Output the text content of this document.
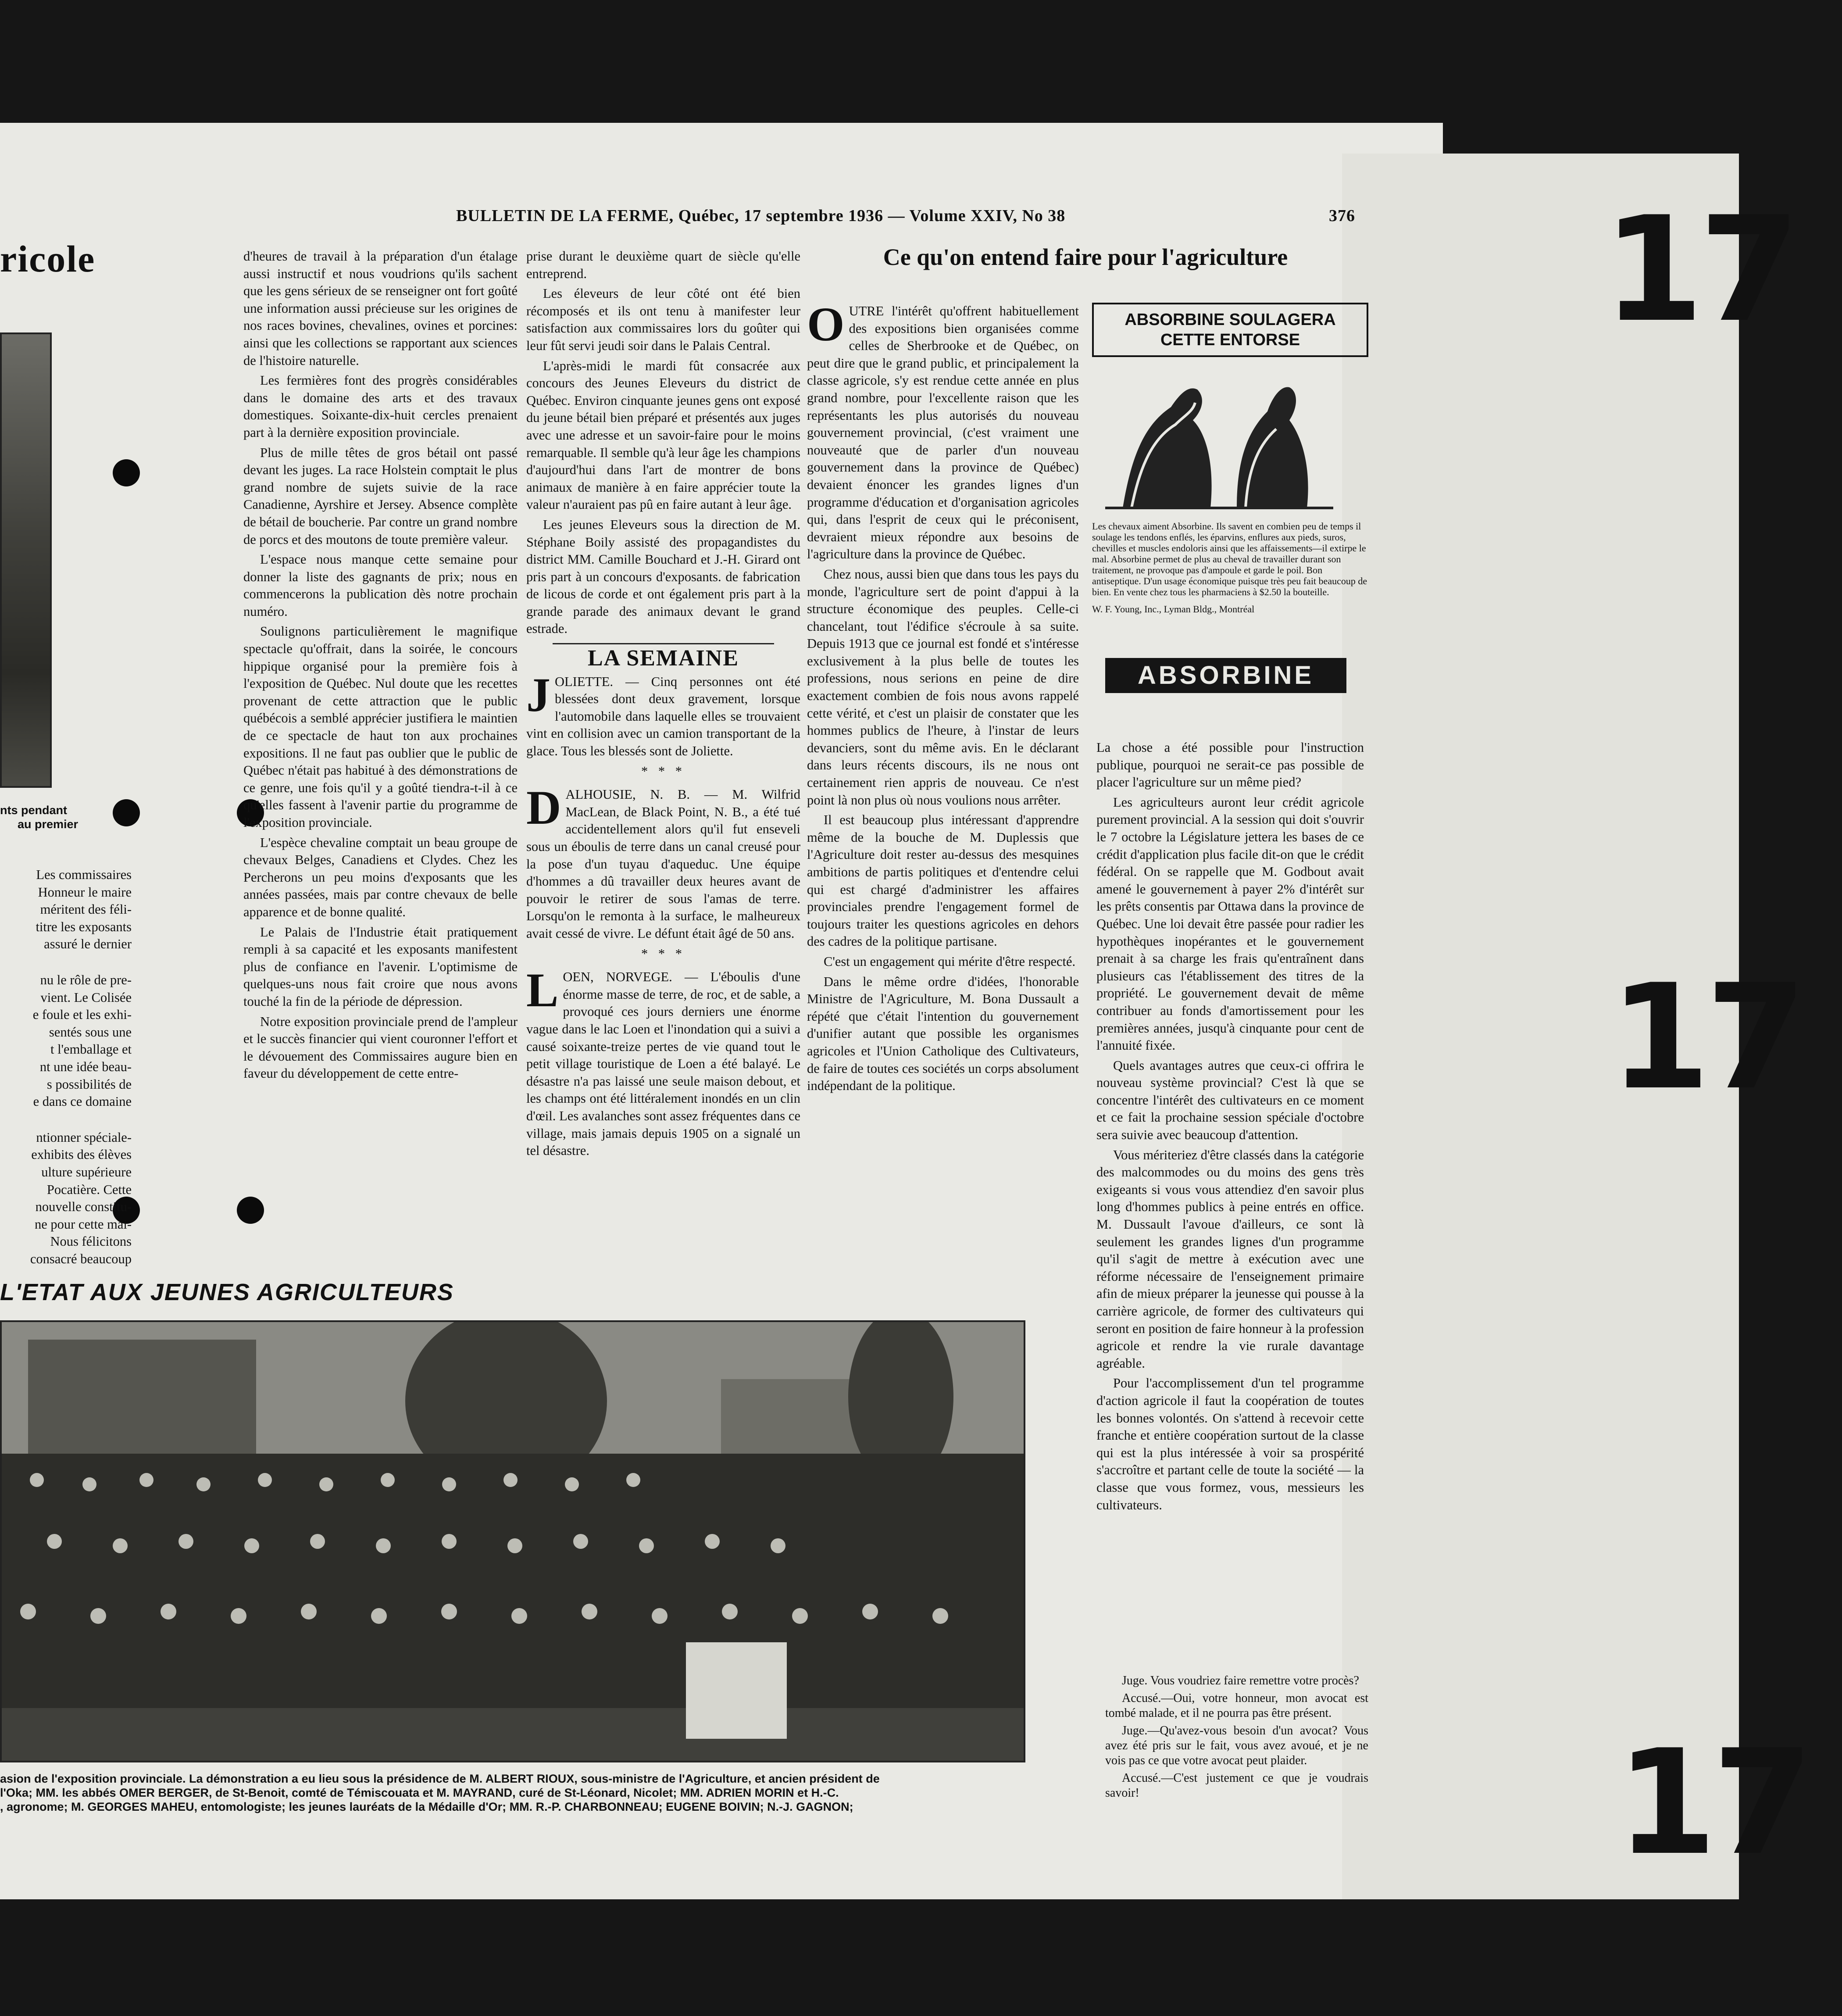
17
17
17
BULLETIN DE LA FERME, Québec, 17 septembre 1936 — Volume XXIV, No 38	376
ricole
nts pendant
au premier
Les commissaires
Honneur le maire
méritent des féli-
titre les exposants
assuré le dernier
nu le rôle de pre-
vient. Le Colisée
e foule et les exhi-
sentés sous une
t l'emballage et
nt une idée beau-
s possibilités de
e dans ce domaine
ntionner spéciale-
exhibits des élèves
ulture supérieure
Pocatière. Cette
nouvelle constitu-
ne pour cette mai-
Nous félicitons
consacré beaucoup

d'heures de travail à la préparation d'un étalage aussi instructif et nous voudrions qu'ils sachent que les gens sérieux de se renseigner ont fort goûté une information aussi précieuse sur les origines de nos races bovines, chevalines, ovines et porcines: ainsi que les collections se rapportant aux sciences de l'histoire naturelle.

Les fermières font des progrès considérables dans le domaine des arts et des travaux domestiques. Soixante-dix-huit cercles prenaient part à la dernière exposition provinciale.

Plus de mille têtes de gros bétail ont passé devant les juges. La race Holstein comptait le plus grand nombre de sujets suivie de la race Canadienne, Ayrshire et Jersey. Absence complète de bétail de boucherie. Par contre un grand nombre de porcs et des moutons de toute première valeur.

L'espace nous manque cette semaine pour donner la liste des gagnants de prix; nous en commencerons la publication dès notre prochain numéro.

Soulignons particulièrement le magnifique spectacle qu'offrait, dans la soirée, le concours hippique organisé pour la première fois à l'exposition de Québec. Nul doute que les recettes provenant de cette attraction que le public québécois a semblé apprécier justifiera le maintien de ce spectacle de haut ton aux prochaines expositions. Il ne faut pas oublier que le public de Québec n'était pas habitué à des démonstrations de ce genre, une fois qu'il y a goûté tiendra-t-il à ce qu'elles fassent à l'avenir partie du programme de l'exposition provinciale.

L'espèce chevaline comptait un beau groupe de chevaux Belges, Canadiens et Clydes. Chez les Percherons un peu moins d'exposants que les années passées, mais par contre chevaux de belle apparence et de bonne qualité.

Le Palais de l'Industrie était pratiquement rempli à sa capacité et les exposants manifestent plus de confiance en l'avenir. L'optimisme de quelques-uns nous fait croire que nous avons touché la fin de la période de dépression.

Notre exposition provinciale prend de l'ampleur et le succès financier qui vient couronner l'effort et le dévouement des Commissaires augure bien en faveur du développement de cette entre-

prise durant le deuxième quart de siècle qu'elle entreprend.

Les éleveurs de leur côté ont été bien récomposés et ils ont tenu à manifester leur satisfaction aux commissaires lors du goûter qui leur fût servi jeudi soir dans le Palais Central.

L'après-midi le mardi fût consacrée aux concours des Jeunes Eleveurs du district de Québec. Environ cinquante jeunes gens ont exposé du jeune bétail bien préparé et présentés aux juges avec une adresse et un savoir-faire pour le moins remarquable. Il semble qu'à leur âge les champions d'aujourd'hui dans l'art de montrer de bons animaux de manière à en faire apprécier toute la valeur n'auraient pas pû en faire autant à leur âge.

Les jeunes Eleveurs sous la direction de M. Stéphane Boily assisté des propagandistes du district MM. Camille Bouchard et J.-H. Girard ont pris part à un concours d'exposants. de fabrication de licous de corde et ont également pris part à la grande parade des animaux devant le grand estrade.

LA SEMAINE

JOLIETTE. — Cinq personnes ont été blessées dont deux gravement, lorsque l'automobile dans laquelle elles se trouvaient vint en collision avec un camion transportant de la glace. Tous les blessés sont de Joliette.

* * *

DALHOUSIE, N. B. — M. Wilfrid MacLean, de Black Point, N. B., a été tué accidentellement alors qu'il fut enseveli sous un éboulis de terre dans un canal creusé pour la pose d'un tuyau d'aqueduc. Une équipe d'hommes a dû travailler deux heures avant de pouvoir le retirer de sous l'amas de terre. Lorsqu'on le remonta à la surface, le malheureux avait cessé de vivre. Le défunt était âgé de 50 ans.

* * *

LOEN, NORVEGE. — L'éboulis d'une énorme masse de terre, de roc, et de sable, a provoqué ces jours derniers une énorme vague dans le lac Loen et l'inondation qui a suivi a causé soixante-treize pertes de vie quand tout le petit village touristique de Loen a été balayé. Le désastre n'a pas laissé une seule maison debout, et les champs ont été littéralement inondés en un clin d'œil. Les avalanches sont assez fréquentes dans ce village, mais jamais depuis 1905 on a signalé un tel désastre.

Ce qu'on entend faire pour l'agriculture

OUTRE l'intérêt qu'offrent habituellement des expositions bien organisées comme celles de Sherbrooke et de Québec, on peut dire que le grand public, et principalement la classe agricole, s'y est rendue cette année en plus grand nombre, pour l'excellente raison que les représentants les plus autorisés du nouveau gouvernement provincial, (c'est vraiment une nouveauté que de parler d'un nouveau gouvernement dans la province de Québec) devaient énoncer les grandes lignes d'un programme d'éducation et d'organisation agricoles qui, dans l'esprit de ceux qui le préconisent, devraient mieux répondre aux besoins de l'agriculture dans la province de Québec.

Chez nous, aussi bien que dans tous les pays du monde, l'agriculture sert de point d'appui à la structure économique des peuples. Celle-ci chancelant, tout l'édifice s'écroule à sa suite. Depuis 1913 que ce journal est fondé et s'intéresse exclusivement à la plus belle de toutes les professions, nous serions en peine de dire exactement combien de fois nous avons rappelé cette vérité, et c'est un plaisir de constater que les hommes publics de l'heure, à l'instar de leurs devanciers, sont du même avis. En le déclarant dans leurs récents discours, ils ne nous ont certainement rien appris de nouveau. Ce n'est point là non plus où nous voulions nous arrêter.

Il est beaucoup plus intéressant d'apprendre même de la bouche de M. Duplessis que l'Agriculture doit rester au-dessus des mesquines ambitions de partis politiques et d'entendre celui qui est chargé d'administrer les affaires provinciales prendre l'engagement formel de toujours traiter les questions agricoles en dehors des cadres de la politique partisane.

C'est un engagement qui mérite d'être respecté.

Dans le même ordre d'idées, l'honorable Ministre de l'Agriculture, M. Bona Dussault a répété que c'était l'intention du gouvernement d'unifier autant que possible les organismes agricoles et l'Union Catholique des Cultivateurs, de faire de toutes ces sociétés un corps absolument indépendant de la politique.

ABSORBINE SOULAGERA
CETTE ENTORSE
Les chevaux aiment Absorbine. Ils savent en combien peu de temps il soulage les tendons enflés, les éparvins, enflures aux pieds, suros, chevilles et muscles endoloris ainsi que les affaissements—il extirpe le mal. Absorbine permet de plus au cheval de travailler durant son traitement, ne provoque pas d'ampoule et garde le poil. Bon antiseptique. D'un usage économique puisque très peu fait beaucoup de bien. En vente chez tous les pharmaciens à $2.50 la bouteille.
W. F. Young, Inc., Lyman Bldg., Montréal
ABSORBINE

La chose a été possible pour l'instruction publique, pourquoi ne serait-ce pas possible de placer l'agriculture sur un même pied?

Les agriculteurs auront leur crédit agricole purement provincial. A la session qui doit s'ouvrir le 7 octobre la Législature jettera les bases de ce crédit d'application plus facile dit-on que le crédit fédéral. On se rappelle que M. Godbout avait amené le gouvernement à payer 2% d'intérêt sur les prêts consentis par Ottawa dans la province de Québec. Une loi devait être passée pour radier les hypothèques inopérantes et le gouvernement prenait à sa charge les frais qu'entraînent dans plusieurs cas l'établissement des titres de la propriété. Le gouvernement devait de même contribuer au fonds d'amortissement pour les premières années, jusqu'à cinquante pour cent de l'annuité fixée.

Quels avantages autres que ceux-ci offrira le nouveau système provincial? C'est là que se concentre l'intérêt des cultivateurs en ce moment et ce fait la prochaine session spéciale d'octobre sera suivie avec beaucoup d'attention.

Vous mériteriez d'être classés dans la catégorie des malcommodes ou du moins des gens très exigeants si vous vous attendiez d'en savoir plus long d'hommes publics à peine entrés en office. M. Dussault l'avoue d'ailleurs, ce sont là seulement les grandes lignes d'un programme qu'il s'agit de mettre à exécution avec une réforme nécessaire de l'enseignement primaire afin de mieux préparer la jeunesse qui pousse à la carrière agricole, de former des cultivateurs qui seront en position de faire honneur à la profession agricole et rendre la vie rurale davantage agréable.

Pour l'accomplissement d'un tel programme d'action agricole il faut la coopération de toutes les bonnes volontés. On s'attend à recevoir cette franche et entière coopération surtout de la classe qui est la plus intéressée à voir sa prospérité s'accroître et partant celle de toute la société — la classe que vous formez, vous, messieurs les cultivateurs.

Juge. Vous voudriez faire remettre votre procès?

Accusé.—Oui, votre honneur, mon avocat est tombé malade, et il ne pourra pas être présent.

Juge.—Qu'avez-vous besoin d'un avocat? Vous avez été pris sur le fait, vous avez avoué, et je ne vois pas ce que votre avocat peut plaider.

Accusé.—C'est justement ce que je voudrais savoir!

L'ETAT AUX JEUNES AGRICULTEURS
asion de l'exposition provinciale. La démonstration a eu lieu sous la présidence de M. ALBERT RIOUX, sous-ministre de l'Agriculture, et ancien président de
l'Oka; MM. les abbés OMER BERGER, de St-Benoit, comté de Témiscouata et M. MAYRAND, curé de St-Léonard, Nicolet; MM. ADRIEN MORIN et H.-C.
, agronome; M. GEORGES MAHEU, entomologiste; les jeunes lauréats de la Médaille d'Or; MM. R.-P. CHARBONNEAU; EUGENE BOIVIN; N.-J. GAGNON;
